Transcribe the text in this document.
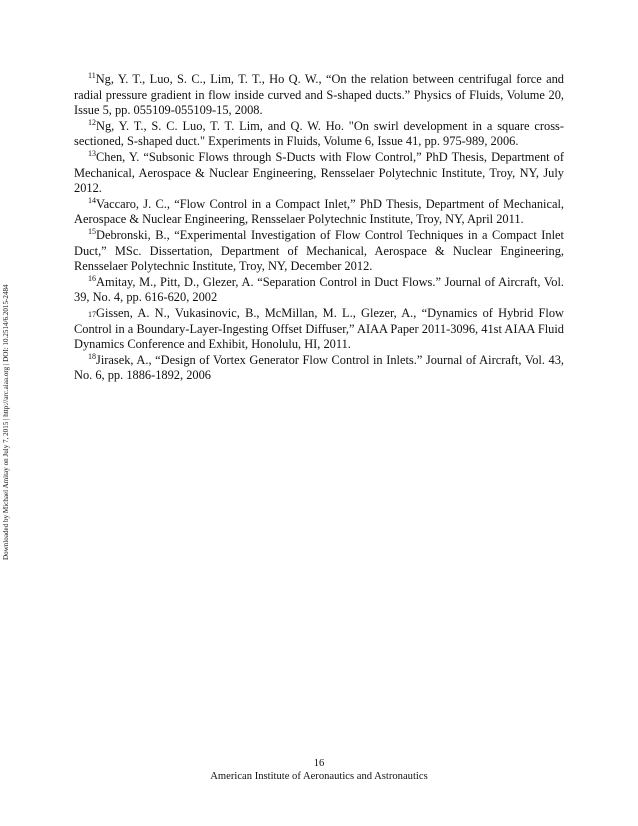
Downloaded by Michael Amitay on July 7, 2015 | http://arc.aiaa.org | DOI: 10.2514/6.2015-2484

$^{11}$Ng, Y. T., Luo, S. C., Lim, T. T., Ho Q. W., “On the relation between centrifugal force and radial pressure gradient in flow inside curved and S-shaped ducts.” Physics of Fluids, Volume 20, Issue 5, pp. 055109-055109-15, 2008.

$^{12}$Ng, Y. T., S. C. Luo, T. T. Lim, and Q. W. Ho. "On swirl development in a square cross-sectioned, S-shaped duct." Experiments in Fluids, Volume 6, Issue 41, pp. 975-989, 2006.

$^{13}$Chen, Y. “Subsonic Flows through S-Ducts with Flow Control,” PhD Thesis, Department of Mechanical, Aerospace & Nuclear Engineering, Rensselaer Polytechnic Institute, Troy, NY, July 2012.

$^{14}$Vaccaro, J. C., “Flow Control in a Compact Inlet,” PhD Thesis, Department of Mechanical, Aerospace & Nuclear Engineering, Rensselaer Polytechnic Institute, Troy, NY, April 2011.

$^{15}$Debronski, B., “Experimental Investigation of Flow Control Techniques in a Compact Inlet Duct,” MSc. Dissertation, Department of Mechanical, Aerospace & Nuclear Engineering, Rensselaer Polytechnic Institute, Troy, NY, December 2012.

$^{16}$Amitay, M., Pitt, D., Glezer, A. “Separation Control in Duct Flows.” Journal of Aircraft, Vol. 39, No. 4, pp. 616-620, 2002

17Gissen, A. N., Vukasinovic, B., McMillan, M. L., Glezer, A., “Dynamics of Hybrid Flow Control in a Boundary-Layer-Ingesting Offset Diffuser,” AIAA Paper 2011-3096, 41st AIAA Fluid Dynamics Conference and Exhibit, Honolulu, HI, 2011.

$^{18}$Jirasek, A., “Design of Vortex Generator Flow Control in Inlets.” Journal of Aircraft, Vol. 43, No. 6, pp. 1886-1892, 2006

16
American Institute of Aeronautics and Astronautics
